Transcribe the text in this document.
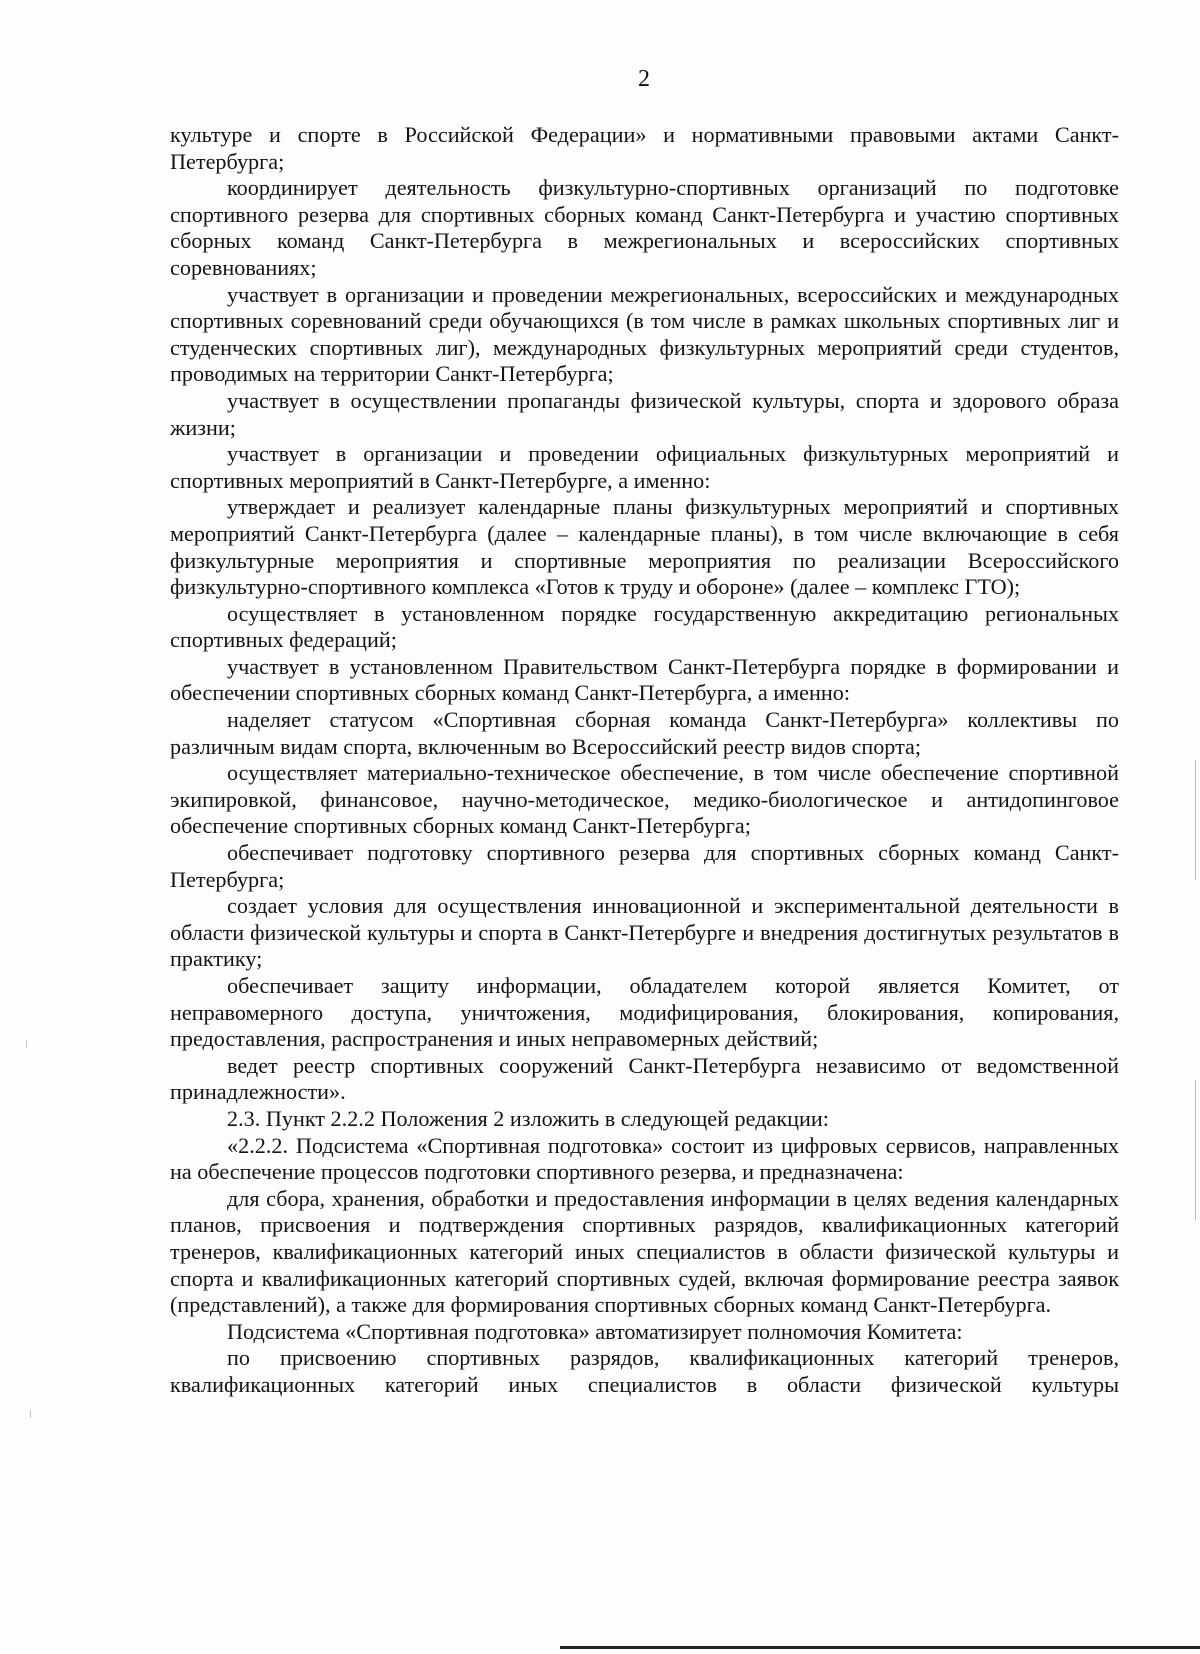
2

культуре и спорте в Российской Федерации» и нормативными правовыми актами Санкт-Петербурга;

координирует деятельность физкультурно-спортивных организаций по подготовке спортивного резерва для спортивных сборных команд Санкт-Петербурга и участию спортивных сборных команд Санкт-Петербурга в межрегиональных и всероссийских спортивных соревнованиях;

участвует в организации и проведении межрегиональных, всероссийских и международных спортивных соревнований среди обучающихся (в том числе в рамках школьных спортивных лиг и студенческих спортивных лиг), международных физкультурных мероприятий среди студентов, проводимых на территории Санкт-Петербурга;

участвует в осуществлении пропаганды физической культуры, спорта и здорового образа жизни;

участвует в организации и проведении официальных физкультурных мероприятий и спортивных мероприятий в Санкт-Петербурге, а именно:

утверждает и реализует календарные планы физкультурных мероприятий и спортивных мероприятий Санкт-Петербурга (далее – календарные планы), в том числе включающие в себя физкультурные мероприятия и спортивные мероприятия по реализации Всероссийского физкультурно-спортивного комплекса «Готов к труду и обороне» (далее – комплекс ГТО);

осуществляет в установленном порядке государственную аккредитацию региональных спортивных федераций;

участвует в установленном Правительством Санкт-Петербурга порядке в формировании и обеспечении спортивных сборных команд Санкт-Петербурга, а именно:

наделяет статусом «Спортивная сборная команда Санкт-Петербурга» коллективы по различным видам спорта, включенным во Всероссийский реестр видов спорта;

осуществляет материально-техническое обеспечение, в том числе обеспечение спортивной экипировкой, финансовое, научно-методическое, медико-биологическое и антидопинговое обеспечение спортивных сборных команд Санкт-Петербурга;

обеспечивает подготовку спортивного резерва для спортивных сборных команд Санкт-Петербурга;

создает условия для осуществления инновационной и экспериментальной деятельности в области физической культуры и спорта в Санкт-Петербурге и внедрения достигнутых результатов в практику;

обеспечивает защиту информации, обладателем которой является Комитет, от неправомерного доступа, уничтожения, модифицирования, блокирования, копирования, предоставления, распространения и иных неправомерных действий;

ведет реестр спортивных сооружений Санкт-Петербурга независимо от ведомственной принадлежности».

2.3. Пункт 2.2.2 Положения 2 изложить в следующей редакции:

«2.2.2. Подсистема «Спортивная подготовка» состоит из цифровых сервисов, направленных на обеспечение процессов подготовки спортивного резерва, и предназначена:

для сбора, хранения, обработки и предоставления информации в целях ведения календарных планов, присвоения и подтверждения спортивных разрядов, квалификационных категорий тренеров, квалификационных категорий иных специалистов в области физической культуры и спорта и квалификационных категорий спортивных судей, включая формирование реестра заявок (представлений), а также для формирования спортивных сборных команд Санкт-Петербурга.

Подсистема «Спортивная подготовка» автоматизирует полномочия Комитета:

по присвоению спортивных разрядов, квалификационных категорий тренеров, квалификационных категорий иных специалистов в области физической культуры
